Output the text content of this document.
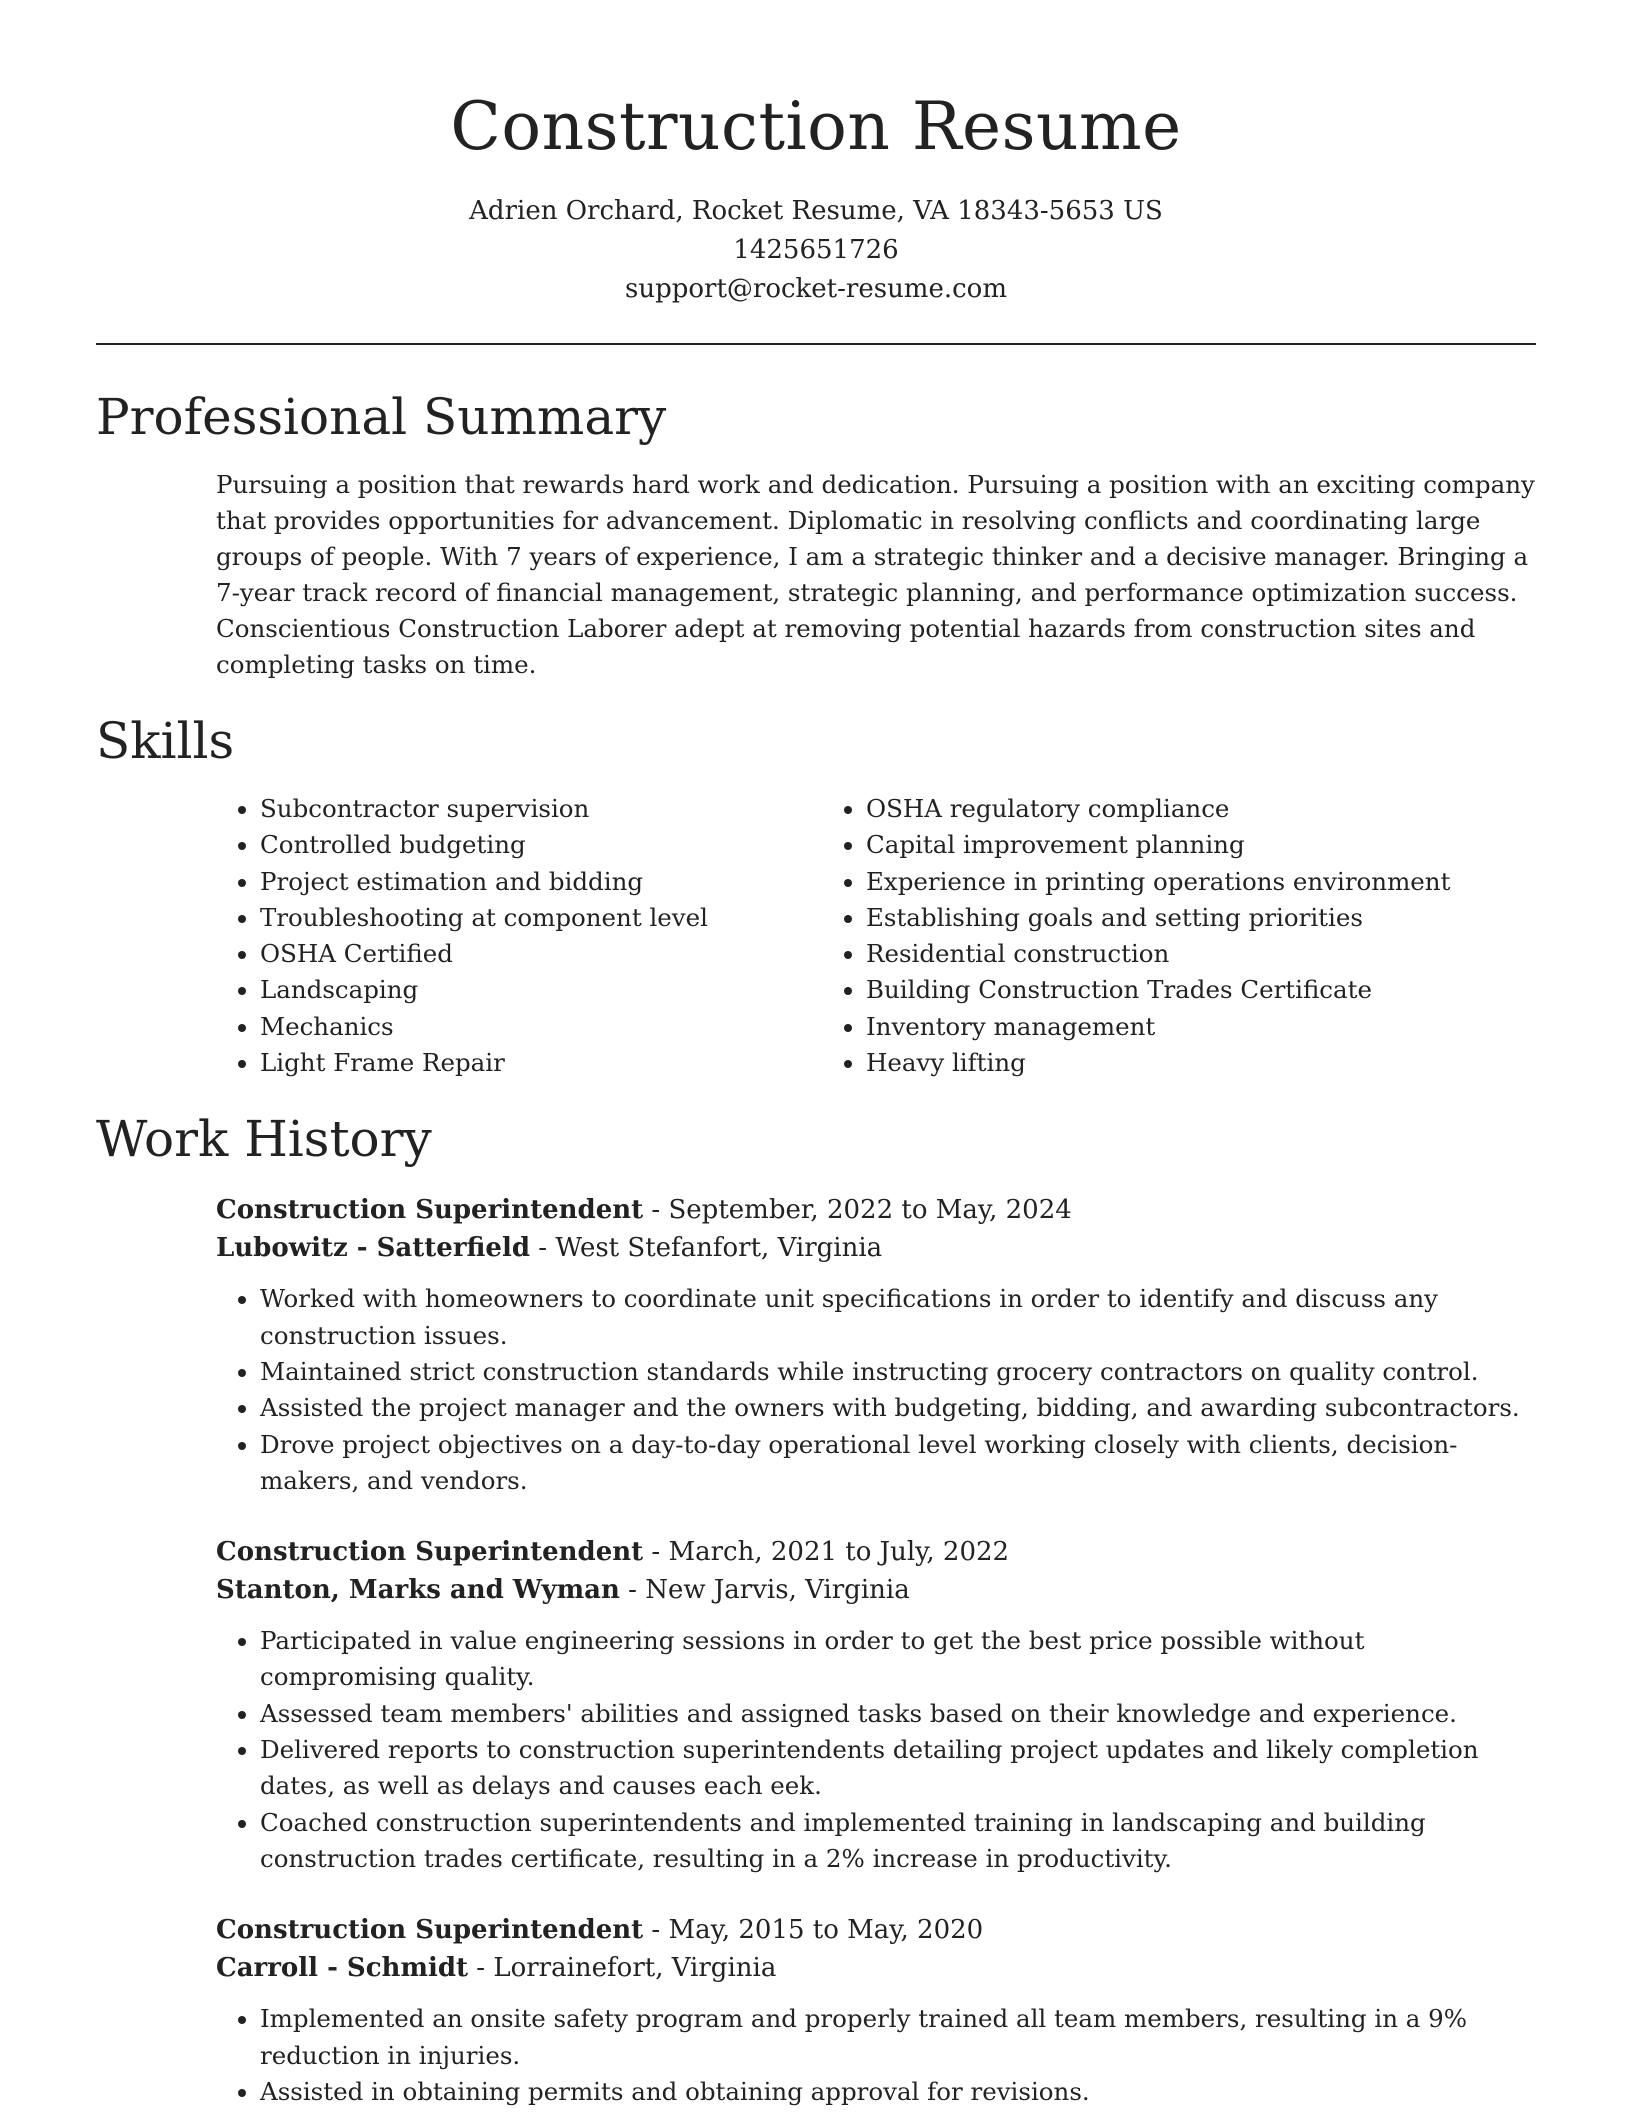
Construction Resume

Adrien Orchard, Rocket Resume, VA 18343-5653 US

1425651726

support@rocket-resume.com

Professional Summary

Pursuing a position that rewards hard work and dedication. Pursuing a position with an exciting company that provides opportunities for advancement. Diplomatic in resolving conflicts and coordinating large groups of people. With 7 years of experience, I am a strategic thinker and a decisive manager. Bringing a 7-year track record of financial management, strategic planning, and performance optimization success. Conscientious Construction Laborer adept at removing potential hazards from construction sites and completing tasks on time.

Skills
• Subcontractor supervision
• Controlled budgeting
• Project estimation and bidding
• Troubleshooting at component level
• OSHA Certified
• Landscaping
• Mechanics
• Light Frame Repair
• OSHA regulatory compliance
• Capital improvement planning
• Experience in printing operations environment
• Establishing goals and setting priorities
• Residential construction
• Building Construction Trades Certificate
• Inventory management
• Heavy lifting
Work History

Construction Superintendent - September, 2022 to May, 2024

Lubowitz - Satterfield - West Stefanfort, Virginia

• Worked with homeowners to coordinate unit specifications in order to identify and discuss any construction issues.
• Maintained strict construction standards while instructing grocery contractors on quality control.
• Assisted the project manager and the owners with budgeting, bidding, and awarding subcontractors.
• Drove project objectives on a day-to-day operational level working closely with clients, decision-makers, and vendors.

Construction Superintendent - March, 2021 to July, 2022

Stanton, Marks and Wyman - New Jarvis, Virginia

• Participated in value engineering sessions in order to get the best price possible without compromising quality.
• Assessed team members' abilities and assigned tasks based on their knowledge and experience.
• Delivered reports to construction superintendents detailing project updates and likely completion dates, as well as delays and causes each eek.
• Coached construction superintendents and implemented training in landscaping and building construction trades certificate, resulting in a 2% increase in productivity.

Construction Superintendent - May, 2015 to May, 2020

Carroll - Schmidt - Lorrainefort, Virginia

• Implemented an onsite safety program and properly trained all team members, resulting in a 9% reduction in injuries.
• Assisted in obtaining permits and obtaining approval for revisions.
